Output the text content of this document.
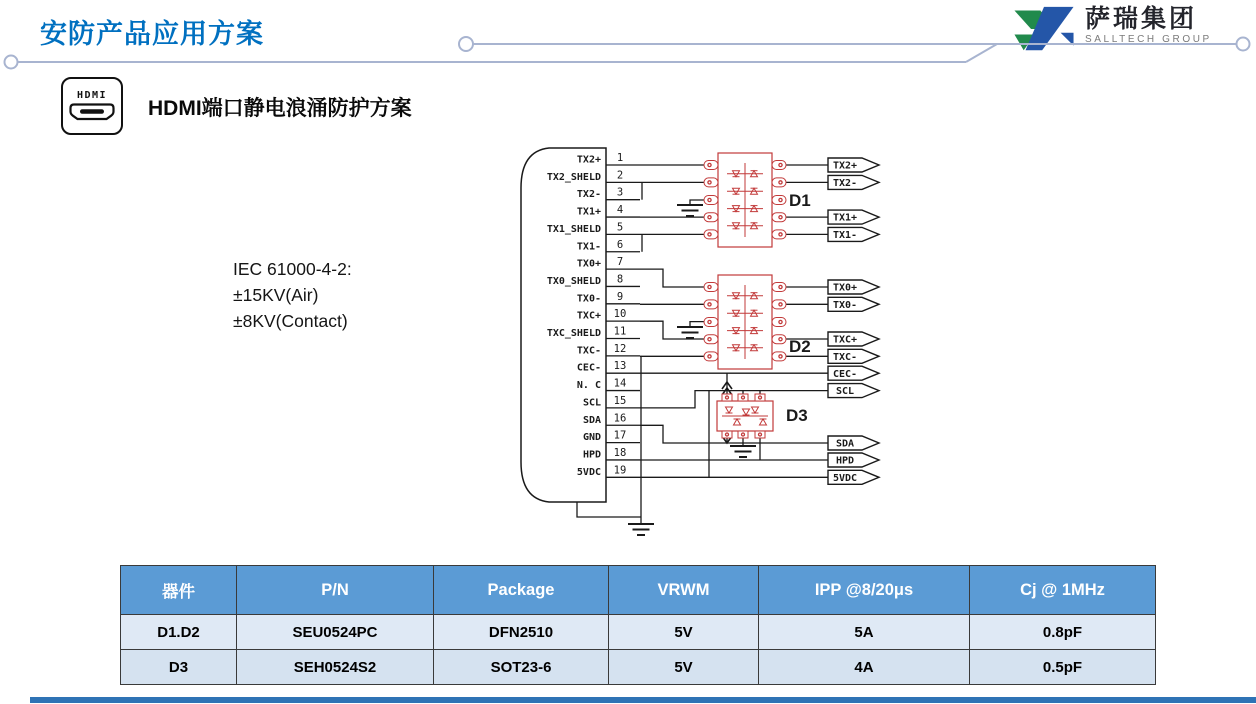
安防产品应用方案	萨瑞集团
SALLTECH GROUP
HDMI
HDMI端口静电浪涌防护方案
IEC 61000-4-2:
±15KV(Air)
±8KV(Contact)
1
TX2+
2
TX2_SHELD
3
TX2-
4
TX1+
5
TX1_SHELD
6
TX1-
7
TX0+
8
TX0_SHELD
9
TX0-
10
TXC+
11
TXC_SHELD
12
TXC-
13
CEC-
14
N. C
15
SCL
16
SDA
17
GND
18
HPD
19
5VDC
D1
D2
D3
TX2+
TX2-
TX1+
TX1-
TX0+
TX0-
TXC+
TXC-
CEC-
SCL
SDA
HPD
5VDC
器件	P/N	Package	VRWM	IPP @8/20μs	Cj @ 1MHz
D1.D2	SEU0524PC	DFN2510	5V	5A	0.8pF
D3	SEH0524S2	SOT23-6	5V	4A	0.5pF
